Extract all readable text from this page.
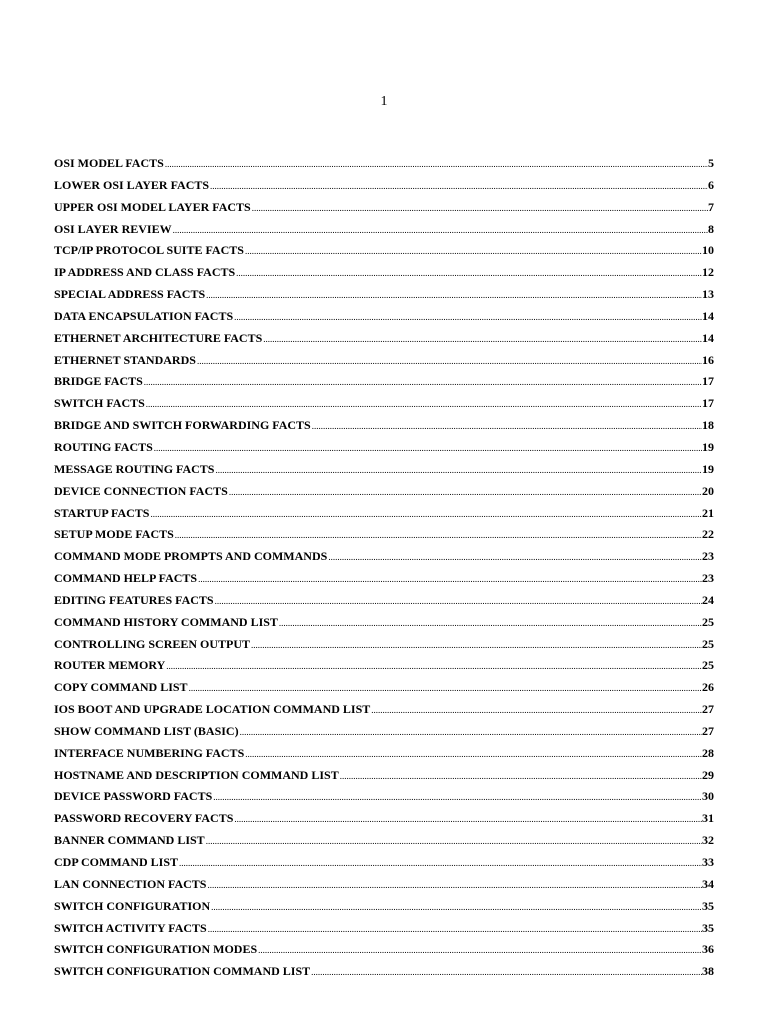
1
OSI MODEL FACTS .....	5
LOWER OSI LAYER FACTS .....	6
UPPER OSI MODEL LAYER FACTS .....	7
OSI LAYER REVIEW .....	8
TCP/IP PROTOCOL SUITE FACTS .....	10
IP ADDRESS AND CLASS FACTS .....	12
SPECIAL ADDRESS FACTS .....	13
DATA ENCAPSULATION FACTS .....	14
ETHERNET ARCHITECTURE FACTS .....	14
ETHERNET STANDARDS .....	16
BRIDGE FACTS .....	17
SWITCH FACTS .....	17
BRIDGE AND SWITCH FORWARDING FACTS .....	18
ROUTING FACTS .....	19
MESSAGE ROUTING FACTS .....	19
DEVICE CONNECTION FACTS .....	20
STARTUP FACTS .....	21
SETUP MODE FACTS .....	22
COMMAND MODE PROMPTS AND COMMANDS .....	23
COMMAND HELP FACTS .....	23
EDITING FEATURES FACTS .....	24
COMMAND HISTORY COMMAND LIST .....	25
CONTROLLING SCREEN OUTPUT .....	25
ROUTER MEMORY .....	25
COPY COMMAND LIST .....	26
IOS BOOT AND UPGRADE LOCATION COMMAND LIST .....	27
SHOW COMMAND LIST (BASIC) .....	27
INTERFACE NUMBERING FACTS .....	28
HOSTNAME AND DESCRIPTION COMMAND LIST .....	29
DEVICE PASSWORD FACTS .....	30
PASSWORD RECOVERY FACTS .....	31
BANNER COMMAND LIST .....	32
CDP COMMAND LIST .....	33
LAN CONNECTION FACTS .....	34
SWITCH CONFIGURATION .....	35
SWITCH ACTIVITY FACTS .....	35
SWITCH CONFIGURATION MODES .....	36
SWITCH CONFIGURATION COMMAND LIST .....	38
